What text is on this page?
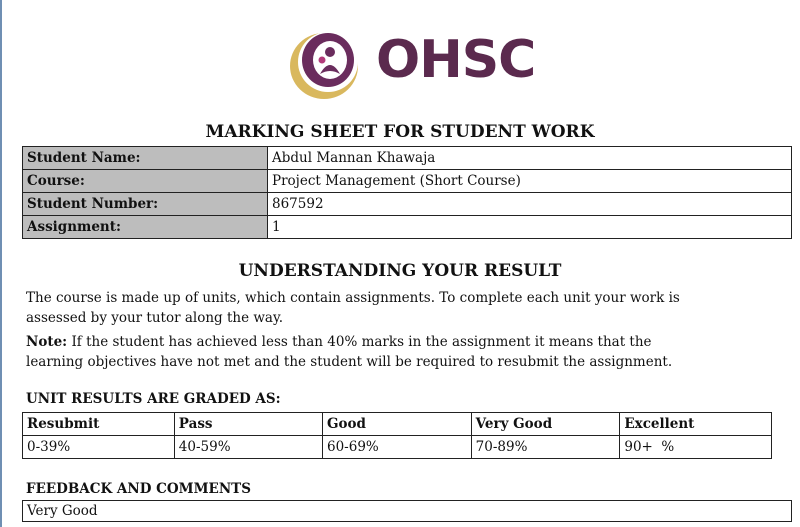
OHSC
MARKING SHEET FOR STUDENT WORK
Student Name:	Abdul Mannan Khawaja
Course:	Project Management (Short Course)
Student Number:	867592
Assignment:	1
UNDERSTANDING YOUR RESULT
The course is made up of units, which contain assignments. To complete each unit your work is assessed by your tutor along the way.
Note: If the student has achieved less than 40% marks in the assignment it means that the learning objectives have not met and the student will be required to resubmit the assignment.
UNIT RESULTS ARE GRADED AS:
Resubmit	Pass	Good	Very Good	Excellent
0-39%	40-59%	60-69%	70-89%	90+  %
FEEDBACK AND COMMENTS
Very Good
